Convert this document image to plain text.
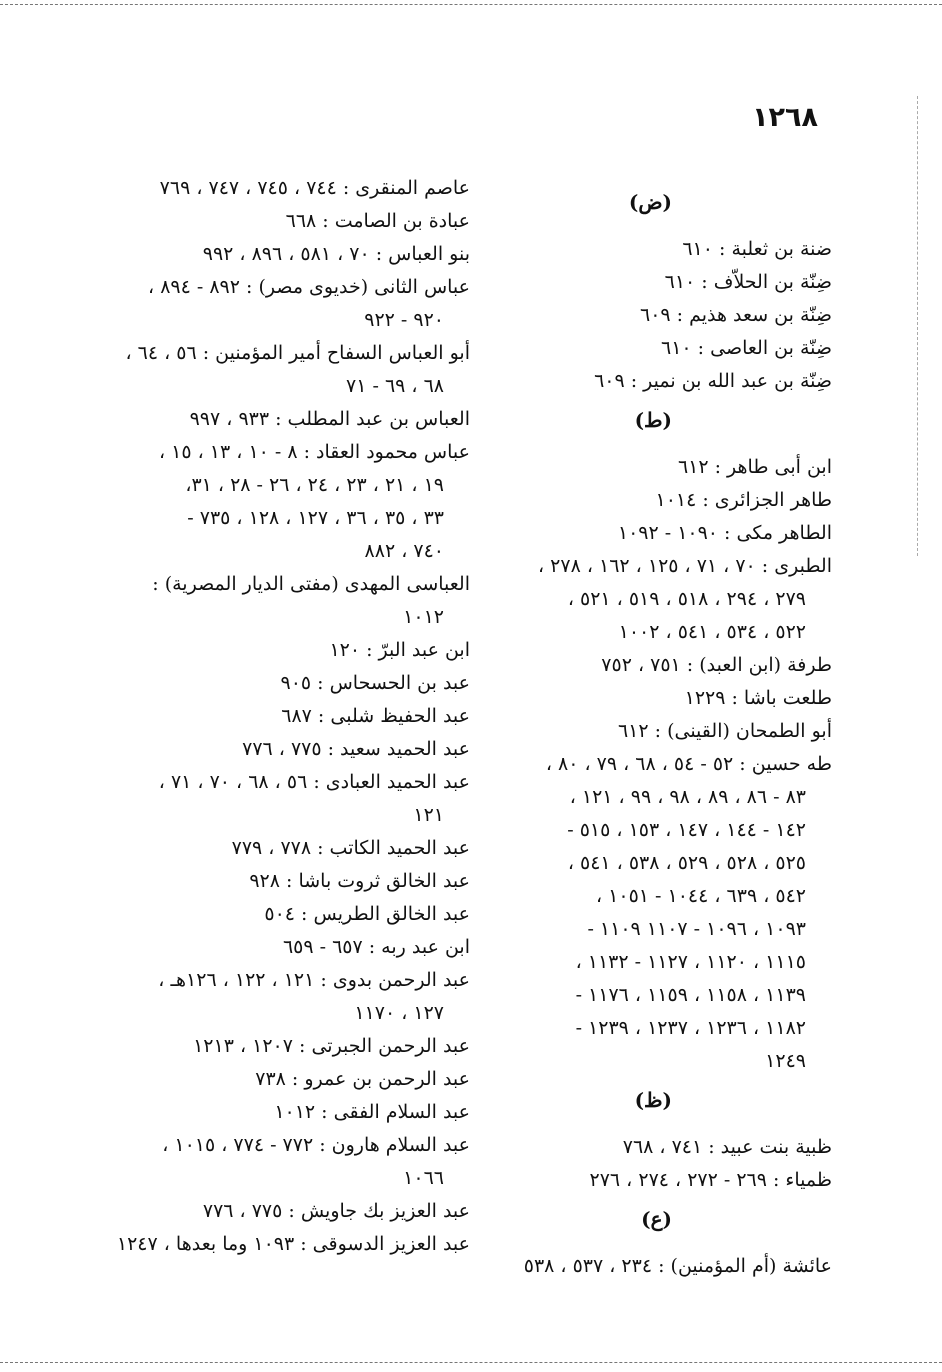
١٢٦٨
(ض)
ضنة بن ثعلبة : ٦١٠
ضِنّة بن الحلاّف : ٦١٠
ضِنّة بن سعد هذيم : ٦٠٩
ضِنّة بن العاصى : ٦١٠
ضِنّة بن عبد الله بن نمير : ٦٠٩
(ط)
ابن أبى طاهر : ٦١٢
طاهر الجزائرى : ١٠١٤
الطاهر مكى : ١٠٩٠ - ١٠٩٢
الطبرى : ٧٠ ، ٧١ ، ١٢٥ ، ١٦٢ ، ٢٧٨ ،
٢٧٩ ، ٢٩٤ ، ٥١٨ ، ٥١٩ ، ٥٢١ ،
٥٢٢ ، ٥٣٤ ، ٥٤١ ، ١٠٠٢
طرفة (ابن العبد) : ٧٥١ ، ٧٥٢
طلعت باشا : ١٢٢٩
أبو الطمحان (القينى) : ٦١٢
طه حسين : ٥٢ - ٥٤ ، ٦٨ ، ٧٩ ، ٨٠ ،
٨٣ - ٨٦ ، ٨٩ ، ٩٨ ، ٩٩ ، ١٢١ ،
١٤٢ - ١٤٤ ، ١٤٧ ، ١٥٣ ، ٥١٥ -
٥٢٥ ، ٥٢٨ ، ٥٢٩ ، ٥٣٨ ، ٥٤١ ،
٥٤٢ ، ٦٣٩ ، ١٠٤٤ - ١٠٥١ ،
١٠٩٣ ، ١٠٩٦ - ١١٠٧ ١١٠٩ -
١١١٥ ، ١١٢٠ ، ١١٢٧ - ١١٣٢ ،
١١٣٩ ، ١١٥٨ ، ١١٥٩ ، ١١٧٦ -
١١٨٢ ، ١٢٣٦ ، ١٢٣٧ ، ١٢٣٩ -
١٢٤٩
(ظ)
ظبية بنت عبيد : ٧٤١ ، ٧٦٨
ظمياء : ٢٦٩ - ٢٧٢ ، ٢٧٤ ، ٢٧٦
(ع)
عائشة (أم المؤمنين) : ٢٣٤ ، ٥٣٧ ، ٥٣٨
عاصم المنقرى : ٧٤٤ ، ٧٤٥ ، ٧٤٧ ، ٧٦٩
عبادة بن الصامت : ٦٦٨
بنو العباس : ٧٠ ، ٥٨١ ، ٨٩٦ ، ٩٩٢
عباس الثانى (خديوى مصر) : ٨٩٢ - ٨٩٤ ،
٩٢٠ - ٩٢٢
أبو العباس السفاح أمير المؤمنين : ٥٦ ، ٦٤ ،
٦٨ ، ٦٩ - ٧١
العباس بن عبد المطلب : ٩٣٣ ، ٩٩٧
عباس محمود العقاد : ٨ - ١٠ ، ١٣ ، ١٥ ،
١٩ ، ٢١ ، ٢٣ ، ٢٤ ، ٢٦ - ٢٨ ، ٣١،
٣٣ ، ٣٥ ، ٣٦ ، ١٢٧ ، ١٢٨ ، ٧٣٥ -
٧٤٠ ، ٨٨٢
العباسى المهدى (مفتى الديار المصرية) :
١٠١٢
ابن عبد البرّ : ١٢٠
عبد بن الحسحاس : ٩٠٥
عبد الحفيظ شلبى : ٦٨٧
عبد الحميد سعيد : ٧٧٥ ، ٧٧٦
عبد الحميد العبادى : ٥٦ ، ٦٨ ، ٧٠ ، ٧١ ،
١٢١
عبد الحميد الكاتب : ٧٧٨ ، ٧٧٩
عبد الخالق ثروت باشا : ٩٢٨
عبد الخالق الطريس : ٥٠٤
ابن عبد ربه : ٦٥٧ - ٦٥٩
عبد الرحمن بدوى : ١٢١ ، ١٢٢ ، ١٢٦هـ ،
١٢٧ ، ١١٧٠
عبد الرحمن الجبرتى : ١٢٠٧ ، ١٢١٣
عبد الرحمن بن عمرو : ٧٣٨
عبد السلام الفقى : ١٠١٢
عبد السلام هارون : ٧٧٢ - ٧٧٤ ، ١٠١٥ ،
١٠٦٦
عبد العزيز بك جاويش : ٧٧٥ ، ٧٧٦
عبد العزيز الدسوقى : ١٠٩٣ وما بعدها ، ١٢٤٧
